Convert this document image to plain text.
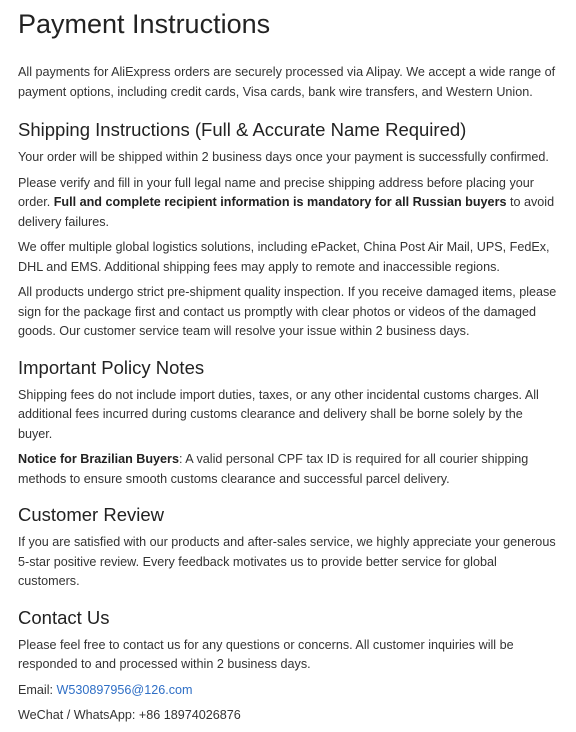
Payment Instructions

All payments for AliExpress orders are securely processed via Alipay. We accept a wide range of payment options, including credit cards, Visa cards, bank wire transfers, and Western Union.

Shipping Instructions (Full & Accurate Name Required)

Your order will be shipped within 2 business days once your payment is successfully confirmed.

Please verify and fill in your full legal name and precise shipping address before placing your order. Full and complete recipient information is mandatory for all Russian buyers to avoid delivery failures.

We offer multiple global logistics solutions, including ePacket, China Post Air Mail, UPS, FedEx, DHL and EMS. Additional shipping fees may apply to remote and inaccessible regions.

All products undergo strict pre-shipment quality inspection. If you receive damaged items, please sign for the package first and contact us promptly with clear photos or videos of the damaged goods. Our customer service team will resolve your issue within 2 business days.

Important Policy Notes

Shipping fees do not include import duties, taxes, or any other incidental customs charges. All additional fees incurred during customs clearance and delivery shall be borne solely by the buyer.

Notice for Brazilian Buyers: A valid personal CPF tax ID is required for all courier shipping methods to ensure smooth customs clearance and successful parcel delivery.

Customer Review

If you are satisfied with our products and after-sales service, we highly appreciate your generous 5-star positive review. Every feedback motivates us to provide better service for global customers.

Contact Us

Please feel free to contact us for any questions or concerns. All customer inquiries will be responded to and processed within 2 business days.

Email: W530897956@126.com

WeChat / WhatsApp: +86 18974026876
